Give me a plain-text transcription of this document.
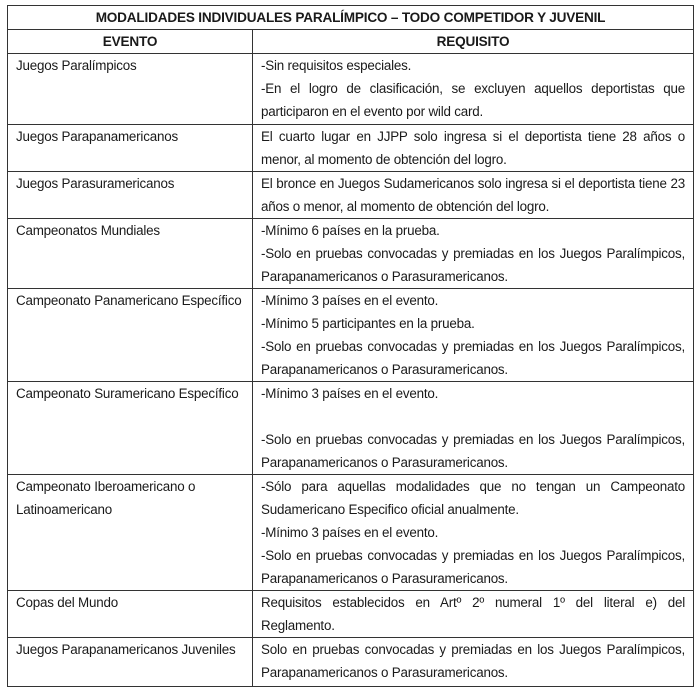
MODALIDADES INDIVIDUALES PARALÍMPICO – TODO COMPETIDOR Y JUVENIL	
EVENTO	REQUISITO
Juegos Paralímpicos	-Sin requisitos especiales.
-En el logro de clasificación, se excluyen aquellos deportistas que participaron en el evento por wild card.

Juegos Parapanamericanos	El cuarto lugar en JJPP solo ingresa si el deportista tiene 28 años o menor, al momento de obtención del logro.

Juegos Parasuramericanos	El bronce en Juegos Sudamericanos solo ingresa si el deportista tiene 23 años o menor, al momento de obtención del logro.

Campeonatos Mundiales	-Mínimo 6 países en la prueba.
-Solo en pruebas convocadas y premiadas en los Juegos Paralímpicos, Parapanamericanos o Parasuramericanos.

Campeonato Panamericano Específico	-Mínimo 3 países en el evento.
-Mínimo 5 participantes en la prueba.
-Solo en pruebas convocadas y premiadas en los Juegos Paralímpicos, Parapanamericanos o Parasuramericanos.

Campeonato Suramericano Específico	-Mínimo 3 países en el evento.
-Solo en pruebas convocadas y premiadas en los Juegos Paralímpicos, Parapanamericanos o Parasuramericanos.

Campeonato Iberoamericano o Latinoamericano	-Sólo para aquellas modalidades que no tengan un Campeonato Sudamericano Especifico oficial anualmente.
-Mínimo 3 países en el evento.
-Solo en pruebas convocadas y premiadas en los Juegos Paralímpicos, Parapanamericanos o Parasuramericanos.

Copas del Mundo	Requisitos establecidos en Artº 2º numeral 1º del literal e) del Reglamento.

Juegos Parapanamericanos Juveniles	Solo en pruebas convocadas y premiadas en los Juegos Paralímpicos, Parapanamericanos o Parasuramericanos.
